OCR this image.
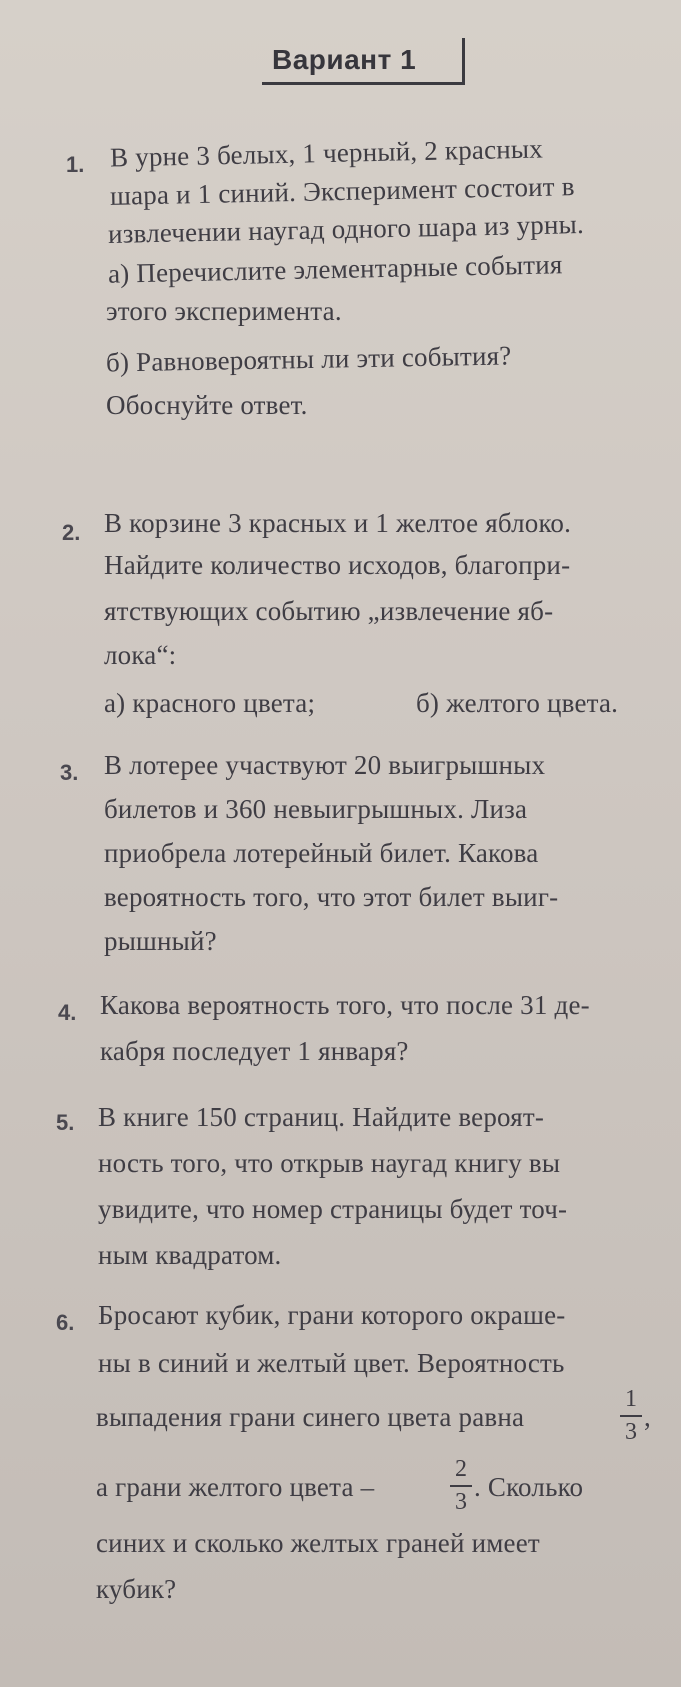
Вариант 1
1. В урне 3 белых, 1 черный, 2 красных
шара и 1 синий. Эксперимент состоит в
извлечении наугад одного шара из урны.
а) Перечислите элементарные события
этого эксперимента.
б) Равновероятны ли эти события?
Обоснуйте ответ.
2. В корзине 3 красных и 1 желтое яблоко.
Найдите количество исходов, благопри-
ятствующих событию „извлечение яб-
лока“:
а) красного цвета;	б) желтого цвета.
3. В лотерее участвуют 20 выигрышных
билетов и 360 невыигрышных. Лиза
приобрела лотерейный билет. Какова
вероятность того, что этот билет выиг-
рышный?
4. Какова вероятность того, что после 31 де-
кабря последует 1 января?
5. В книге 150 страниц. Найдите вероят-
ность того, что открыв наугад книгу вы
увидите, что номер страницы будет точ-
ным квадратом.
6. Бросают кубик, грани которого окраше-
ны в синий и желтый цвет. Вероятность
выпадения грани синего цвета равна
1
3 ,
а грани желтого цвета –
2
3 . Сколько
синих и сколько желтых граней имеет
кубик?
